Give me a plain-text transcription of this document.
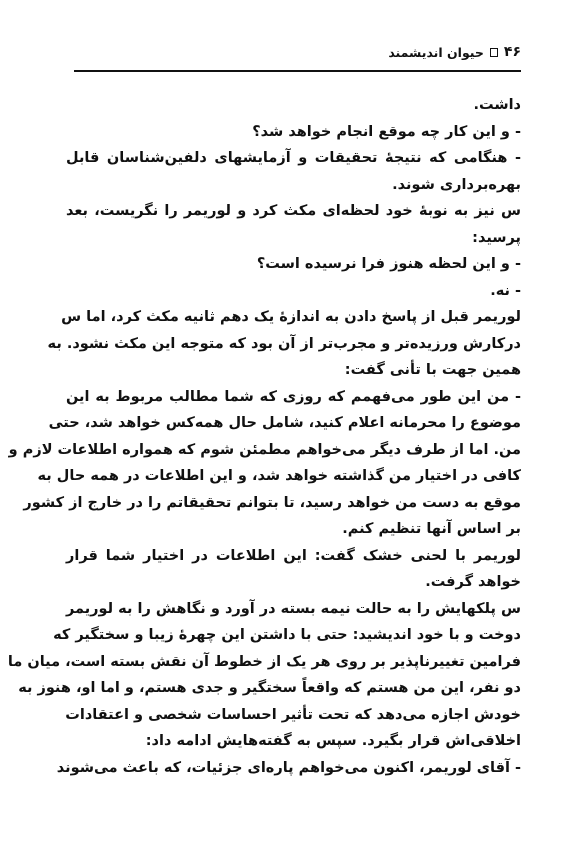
۴۶
حیوان اندیشمند
داشت.
- و این کار چه موقع انجام خواهد شد؟
- هنگامی که نتیجهٔ تحقیقات و آزمایشهای دلفین‌شناسان قابل
بهره‌برداری شوند.
س نیز به نوبهٔ خود لحظه‌ای مکث کرد و لوریمر را نگریست، بعد
پرسید:
- و این لحظه هنوز فرا نرسیده است؟
- نه.
لوریمر قبل از پاسخ دادن به اندازهٔ یک دهم ثانیه مکث کرد، اما س
درکارش ورزیده‌تر و مجرب‌تر از آن بود که متوجه این مکث نشود. به
همین جهت با تأنی گفت:
- من این طور می‌فهمم که روزی که شما مطالب مربوط به این
موضوع را محرمانه اعلام کنید، شامل حال همه‌کس خواهد شد، حتی
من. اما از طرف دیگر می‌خواهم مطمئن شوم که همواره اطلاعات لازم و
کافی در اختیار من گذاشته خواهد شد، و این اطلاعات در همه حال به
موقع به دست من خواهد رسید، تا بتوانم تحقیقاتم را در خارج از کشور
بر اساس آنها تنظیم کنم.
لوریمر با لحنی خشک گفت: این اطلاعات در اختیار شما قرار
خواهد گرفت.
س پلکهایش را به حالت نیمه بسته در آورد و نگاهش را به لوریمر
دوخت و با خود اندیشید: حتی با داشتن این چهرهٔ زیبا و سختگیر که
فرامین تغییرناپذیر بر روی هر یک از خطوط آن نقش بسته است، میان ما
دو نفر، این من هستم که واقعاً سختگیر و جدی هستم، و اما او، هنوز به
خودش اجازه می‌دهد که تحت تأثیر احساسات شخصی و اعتقادات
اخلاقی‌اش قرار بگیرد. سپس به گفته‌هایش ادامه داد:
- آقای لوریمر، اکنون می‌خواهم پاره‌ای جزئیات، که باعث می‌شوند
